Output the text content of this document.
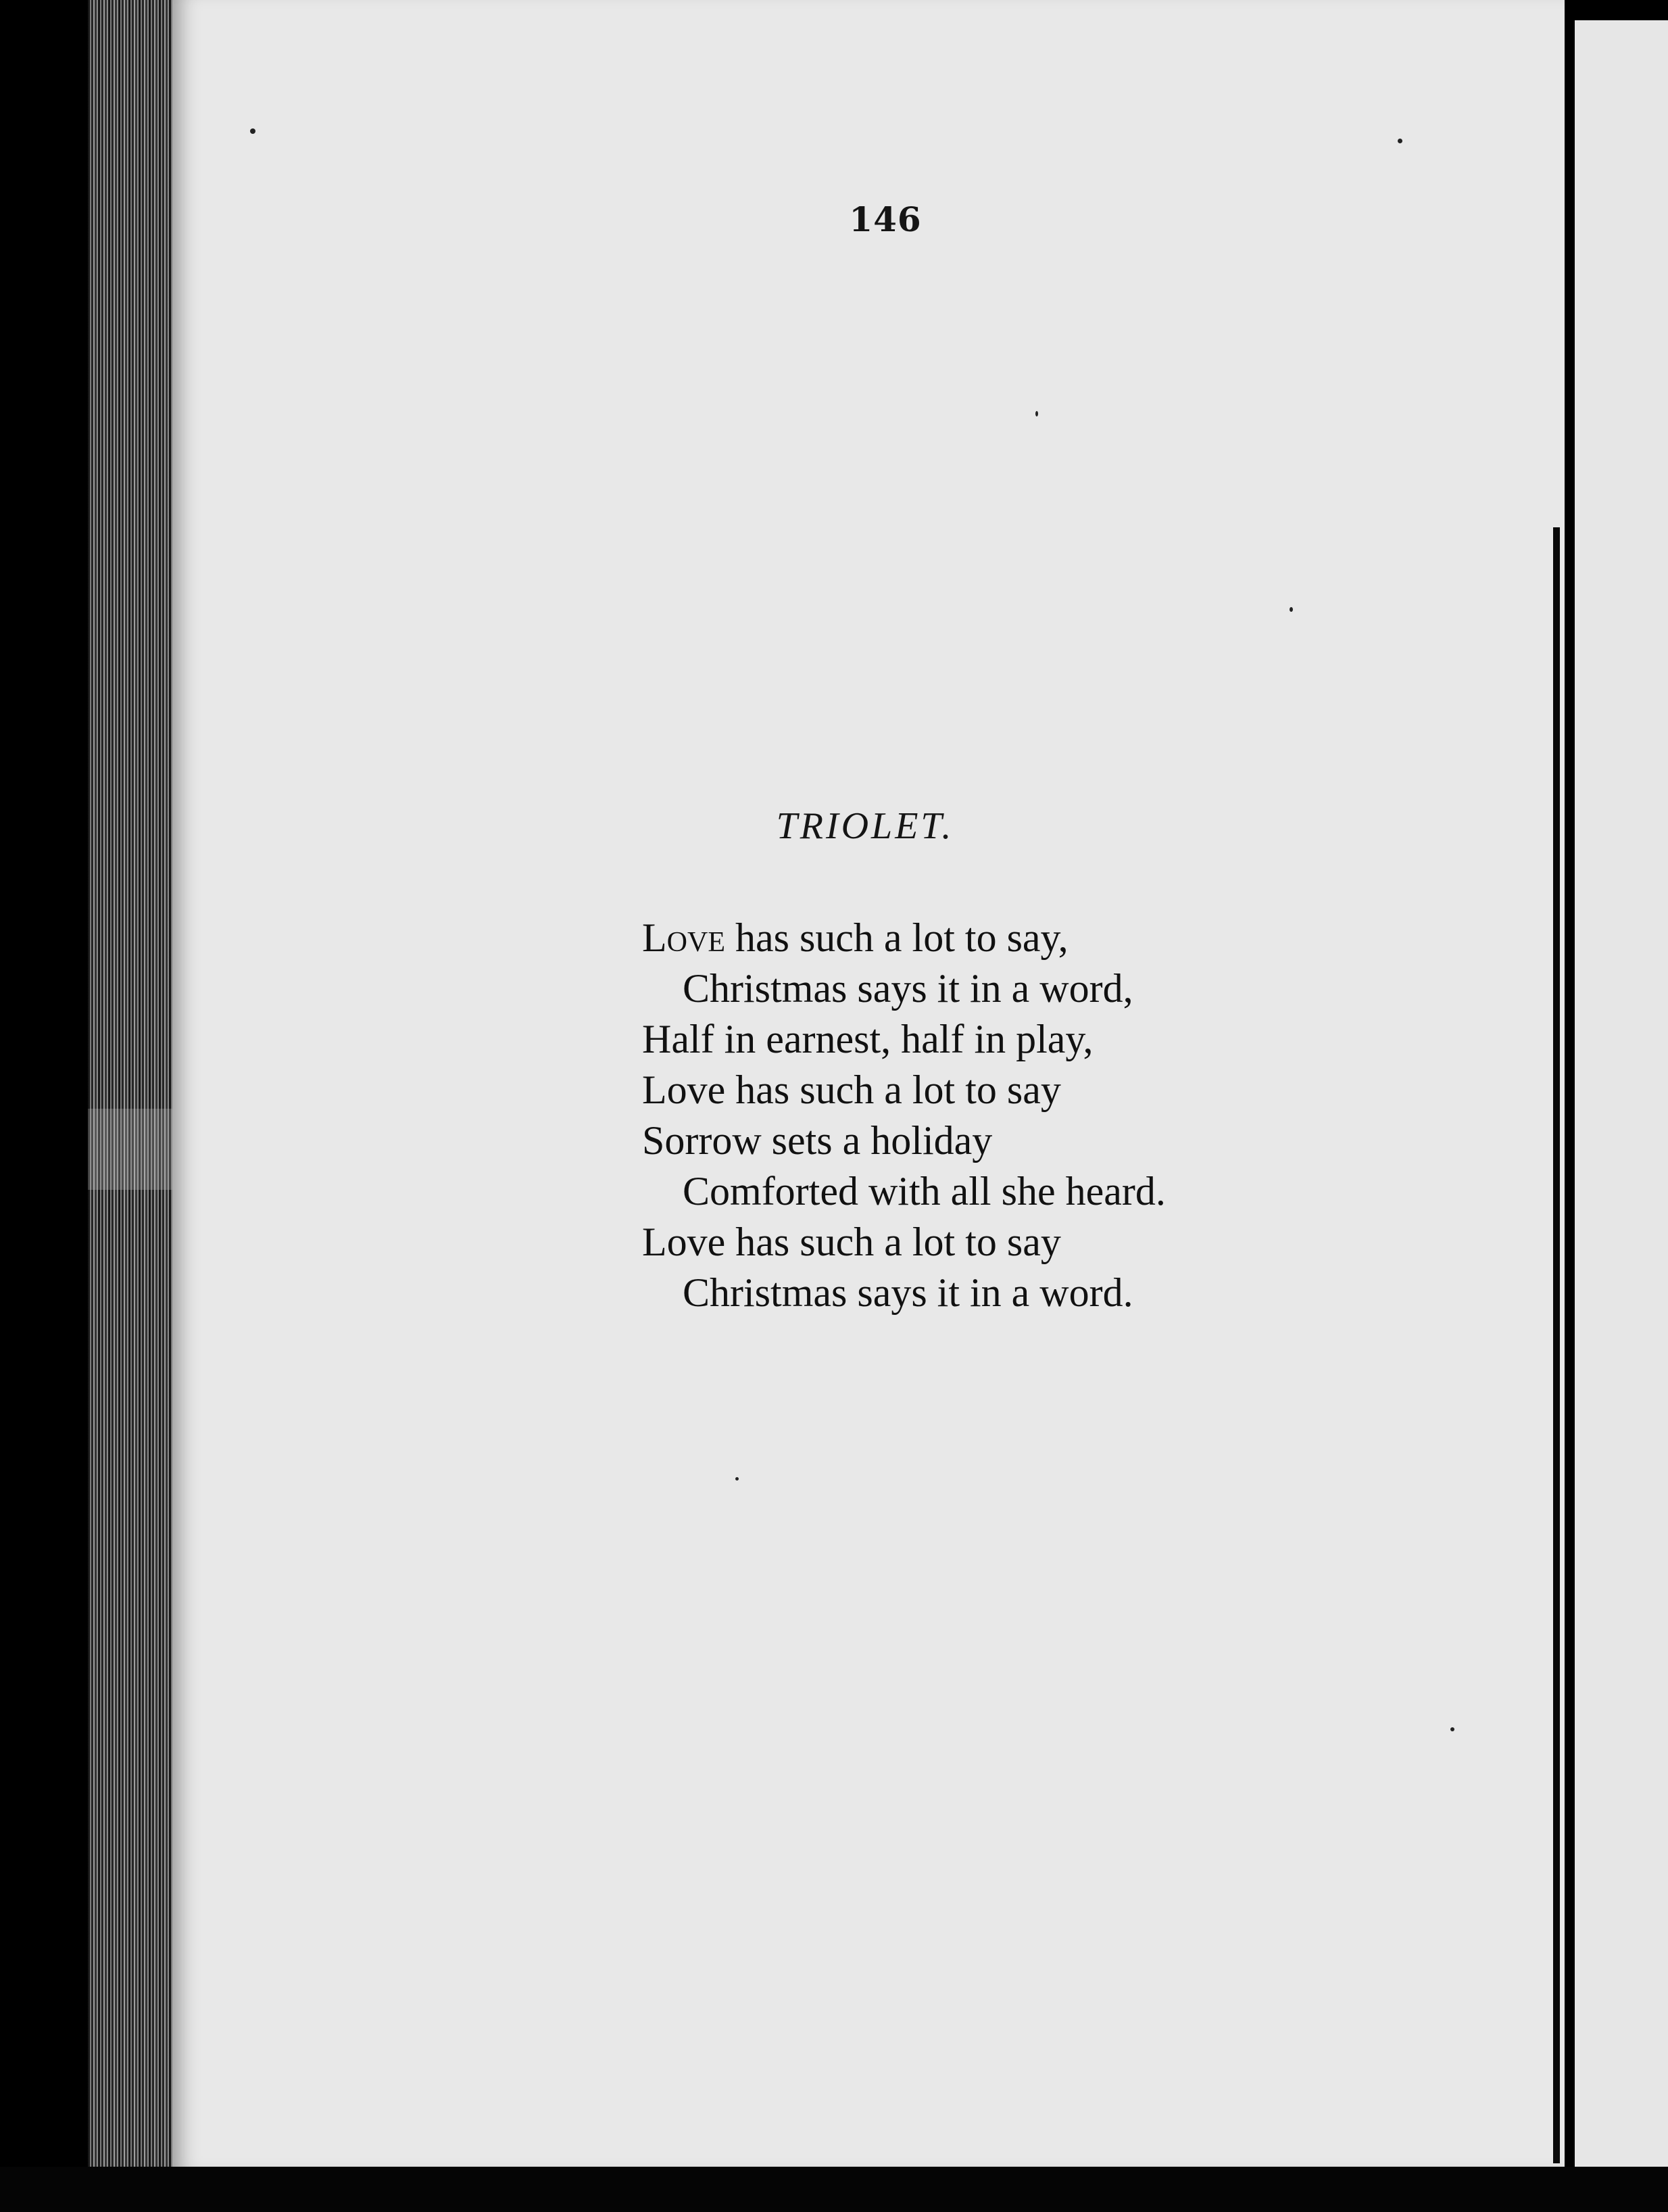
146
TRIOLET.
Love has such a lot to say,
Christmas says it in a word,
Half in earnest, half in play,
Love has such a lot to say
Sorrow sets a holiday
Comforted with all she heard.
Love has such a lot to say
Christmas says it in a word.
